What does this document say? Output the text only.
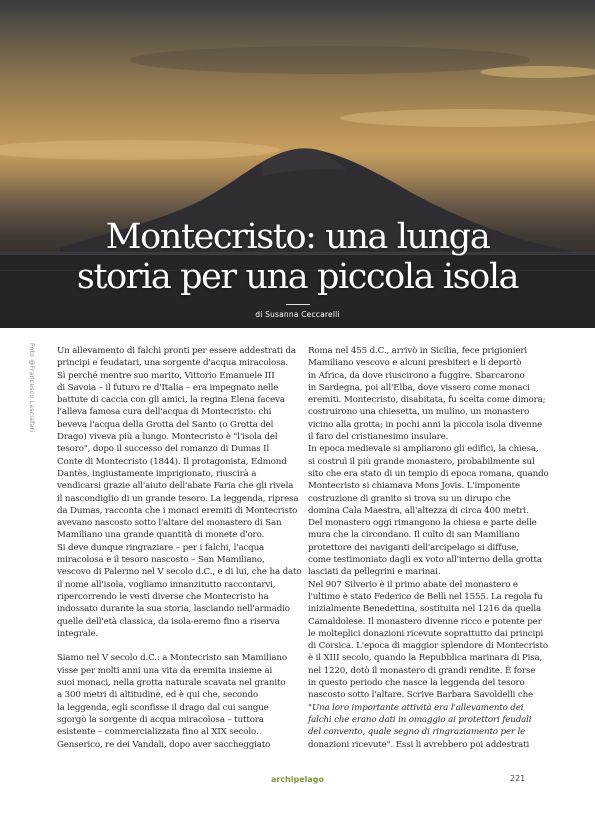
Montecristo: una lunga
storia per una piccola isola
di Susanna Ceccarelli
Foto @Francesco Lasciafari	Un allevamento di falchi pronti per essere addestrati da

principi e feudatari, una sorgente d'acqua miracolosa.

Sì perché mentre suo marito, Vittorio Emanuele III

di Savoia – il futuro re d'Italia – era impegnato nelle

battute di caccia con gli amici, la regina Elena faceva

l'allevа famosa cura dell'acqua di Montecristo: chi

beveva l'acqua della Grotta del Santo (o Grotta del

Drago) viveva più a lungo. Montecristo è "l'isola del

tesoro", dopo il successo del romanzo di Dumas Il

Conte di Montecristo (1844). Il protagonista, Edmond

Dantès, ingiustamente imprigionato, riuscirà a

vendicarsi grazie all'aiuto dell'abate Faria che gli rivela

il nascondiglio di un grande tesoro. La leggenda, ripresa

da Dumas, racconta che i monaci eremiti di Montecristo

avevano nascosto sotto l'altare del monastero di San

Mamiliano una grande quantità di monete d'oro.

Si deve dunque ringraziare – per i falchi, l'acqua

miracolosa e il tesoro nascosto – San Mamiliano,

vescovo di Palermo nel V secolo d.C., e di lui, che ha dato

il nome all'isola, vogliamo innanzitutto raccontarvi,

ripercorrendo le vesti diverse che Montecristo ha

indossato durante la sua storia, lasciando nell'armadio

quelle dell'età classica, da isola-eremo fino a riserva

integrale.

Siamo nel V secolo d.C.: a Montecristo san Mamiliano

visse per molti anni una vita da eremita insieme ai

suoi monaci, nella grotta naturale scavata nel granito

a 300 metri di altitudine, ed è qui che, secondo

la leggenda, egli sconfisse il drago dal cui sangue

sgorgò la sorgente di acqua miracolosa – tuttora

esistente – commercializzata fino al XIX secolo.

Genserico, re dei Vandali, dopo aver saccheggiato

Roma nel 455 d.C., arrivò in Sicilia, fece prigionieri

Mamiliano vescovo e alcuni presbiteri e li deportò

in Africa, da dove riuscirono a fuggire. Sbarcarono

in Sardegna, poi all'Elba, dove vissero come monaci

eremiti. Montecristo, disabitata, fu scelta come dimora;

costruirono una chiesetta, un mulino, un monastero

vicino alla grotta; in pochi anni la piccola isola divenne

il faro del cristianesimo insulare.

In epoca medievale si ampliarono gli edifici, la chiesa,

si costruì il più grande monastero, probabilmente sul

sito che era stato di un tempio di epoca romana, quando

Montecristo si chiamava Mons Jovis. L'imponente

costruzione di granito si trova su un dirupo che

domina Cala Maestra, all'altezza di circa 400 metri.

Del monastero oggi rimangono la chiesa e parte delle

mura che la circondano. Il culto di san Mamiliano

protettore dei naviganti dell'arcipelago si diffuse,

come testimoniato dagli ex voto all'interno della grotta

lasciati da pellegrini e marinai.

Nel 907 Silverio è il primo abate del monastero e

l'ultimo è stato Federico de Bellì nel 1555. La regola fu

inizialmente Benedettina, sostituita nel 1216 da quella

Camaldolese. Il monastero divenne ricco e potente per

le molteplici donazioni ricevute soprattutto dai principi

di Corsica. L'epoca di maggior splendore di Montecristo

è il XIII secolo, quando la Repubblica marinara di Pisa,

nel 1220, dotò il monastero di grandi rendite. È forse

in questo periodo che nasce la leggenda del tesoro

nascosto sotto l'altare. Scrive Barbara Savoldelli che

"Una loro importante attività era l'allevamento dei

falchi che erano dati in omaggio ai protettori feudali

del convento, quale segno di ringraziamento per le

donazioni ricevute". Essi li avrebbero poi addestrati

archipelago	221
